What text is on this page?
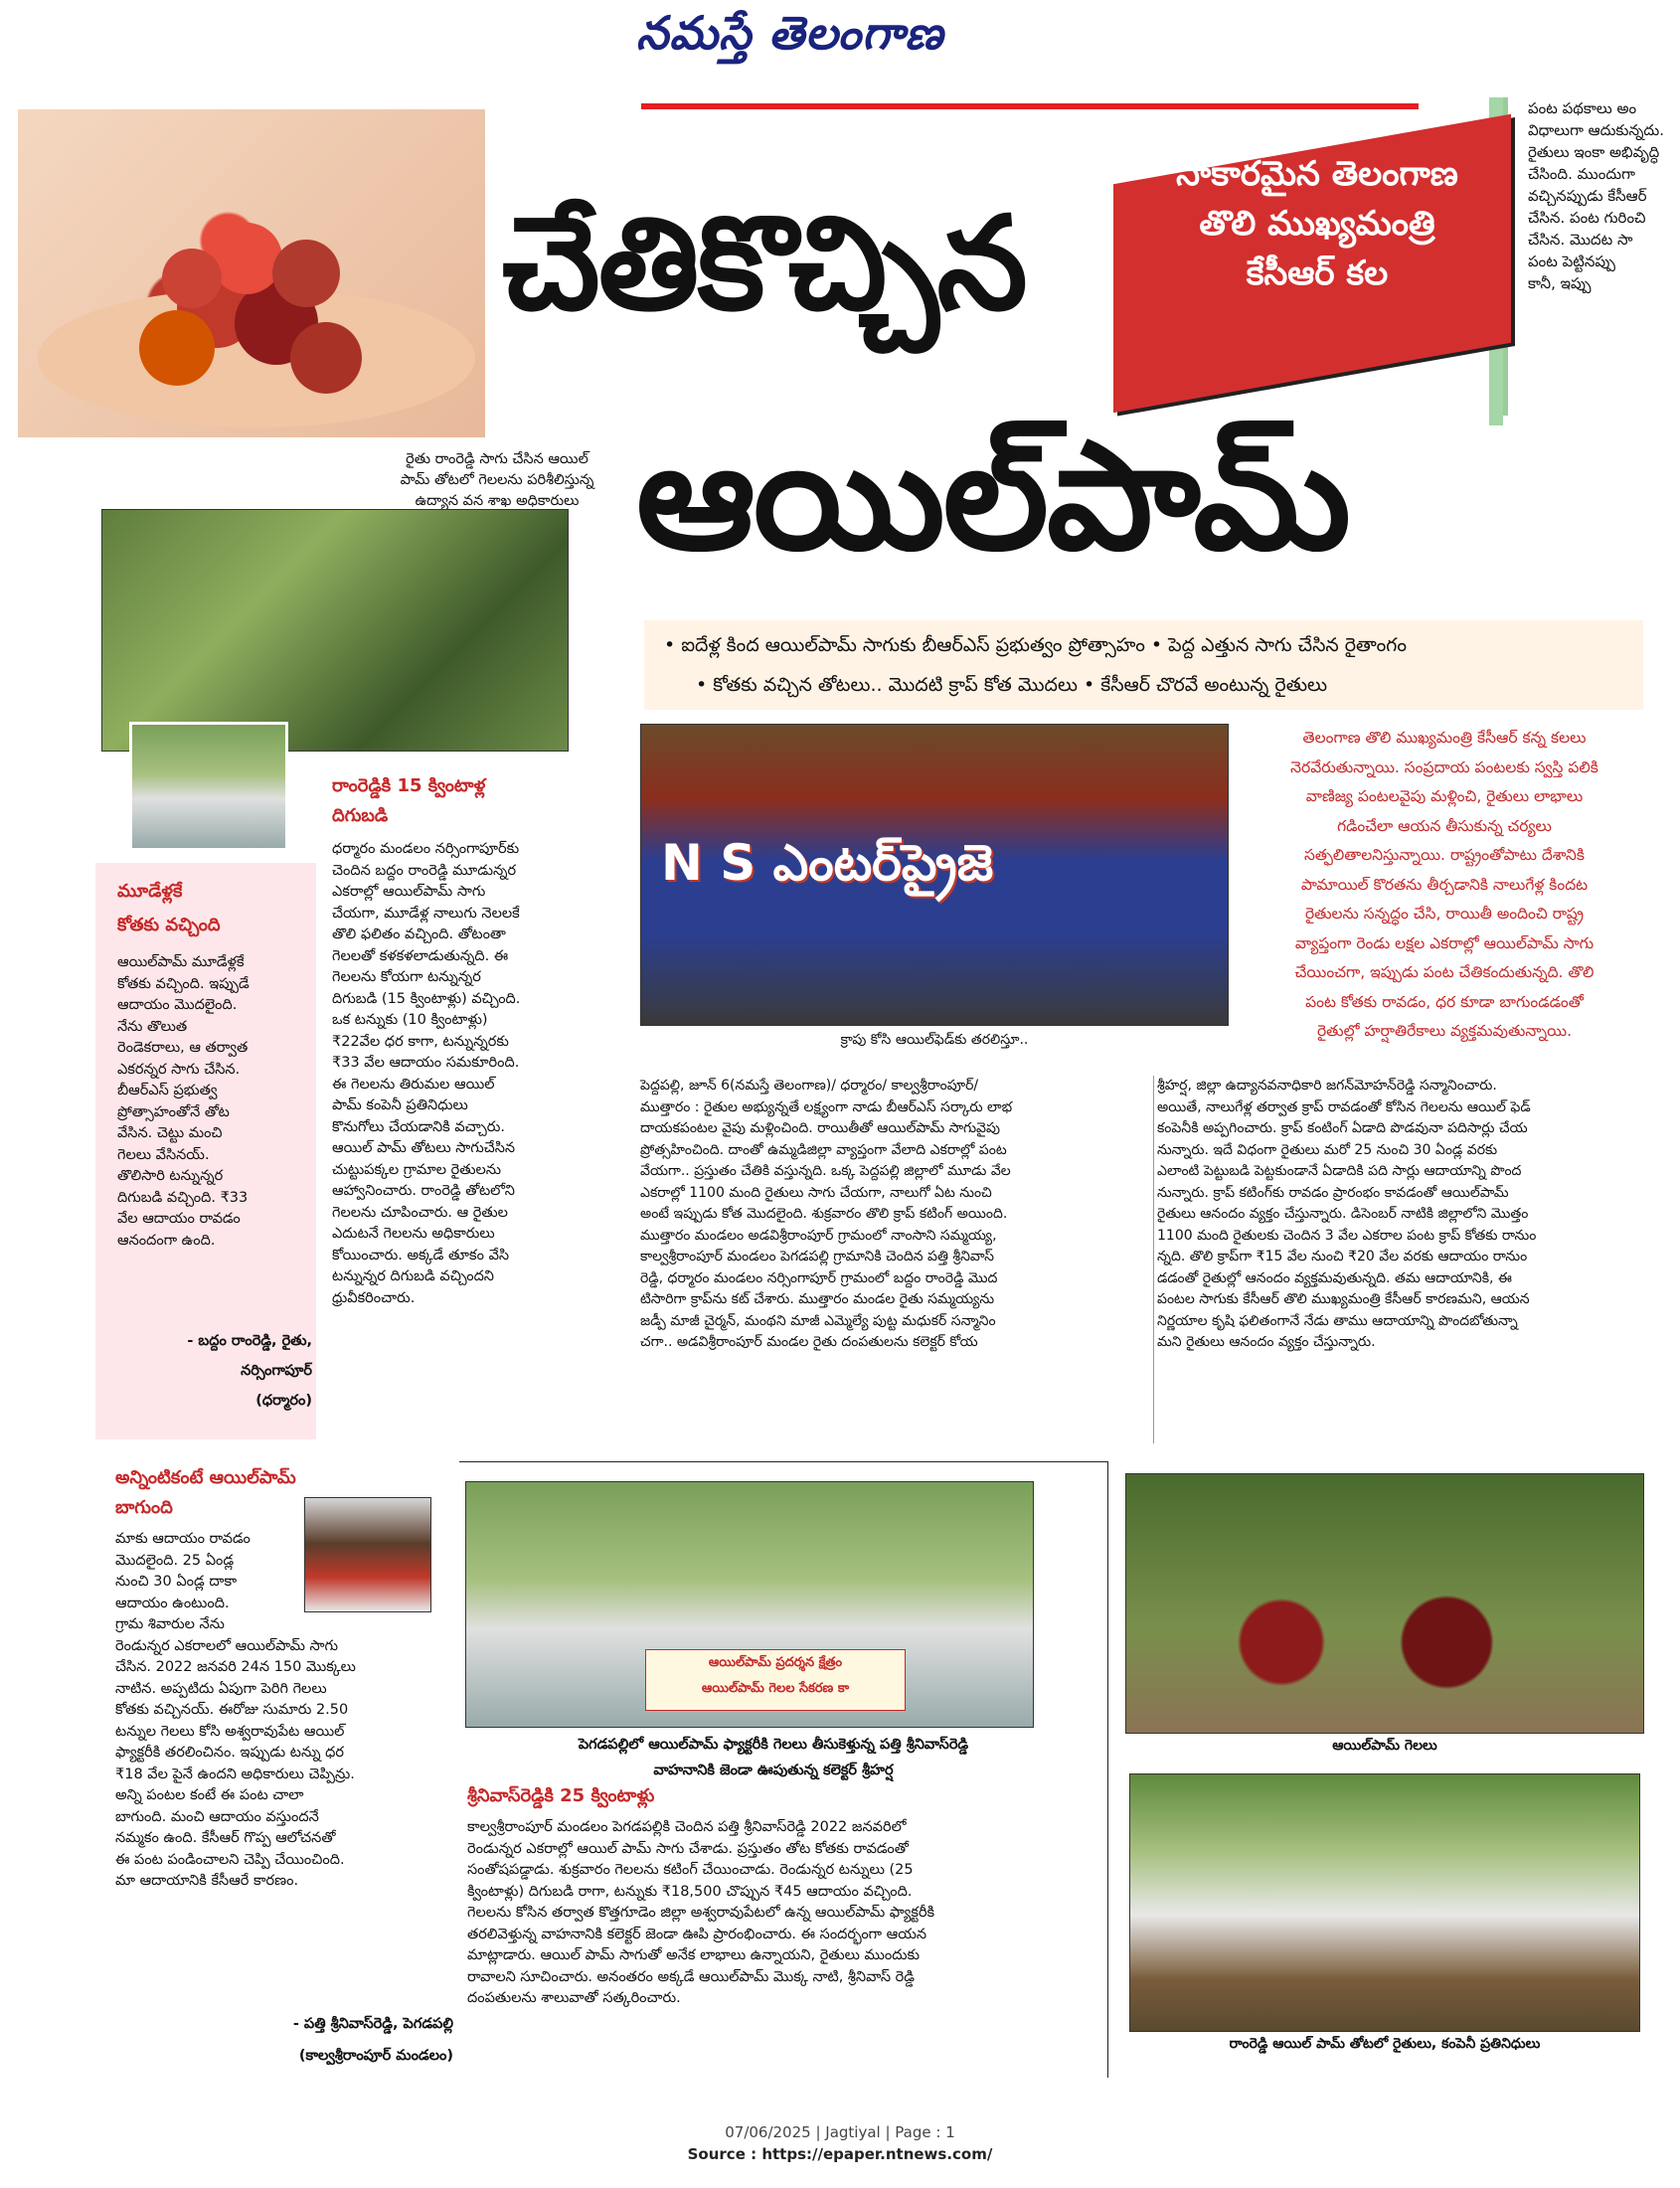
నమస్తే తెలంగాణ
పంట పథకాలు అం
విధాలుగా ఆదుకున్నదు.
రైతులు ఇంకా అభివృద్ధి
చేసింది. ముందుగా
వచ్చినప్పుడు కేసీఆర్
చేసిన. పంట గురించి
చేసిన. మొదట సా
పంట పెట్టినప్పు
కానీ, ఇప్పు
చేతికొచ్చిన
ఆయిల్‌పామ్
సాకారమైన తెలంగాణ
తొలి ముఖ్యమంత్రి
కేసీఆర్ కల
రైతు రాంరెడ్డి సాగు చేసిన ఆయిల్
పామ్ తోటలో గెలలను పరిశీలిస్తున్న
ఉద్యాన వన శాఖ అధికారులు
• ఐదేళ్ల కింద ఆయిల్‌పామ్ సాగుకు బీఆర్‌ఎస్ ప్రభుత్వం ప్రోత్సాహం • పెద్ద ఎత్తున సాగు చేసిన రైతాంగం
• కోతకు వచ్చిన తోటలు.. మొదటి క్రాప్ కోత మొదలు • కేసీఆర్ చొరవే అంటున్న రైతులు
N S ఎంటర్‌ప్రైజె
క్రాపు కోసి ఆయిల్‌ఫెడ్‌కు తరలిస్తూ..
తెలంగాణ తొలి ముఖ్యమంత్రి కేసీఆర్ కన్న కలలు
నెరవేరుతున్నాయి. సంప్రదాయ పంటలకు స్వస్తి పలికి
వాణిజ్య పంటలవైపు మళ్లించి, రైతులు లాభాలు
గడించేలా ఆయన తీసుకున్న చర్యలు
సత్ఫలితాలనిస్తున్నాయి. రాష్ట్రంతోపాటు దేశానికి
పామాయిల్ కొరతను తీర్చడానికి నాలుగేళ్ల కిందట
రైతులను సన్నద్ధం చేసి, రాయితీ అందించి రాష్ట్ర
వ్యాప్తంగా రెండు లక్షల ఎకరాల్లో ఆయిల్‌పామ్ సాగు
చేయించగా, ఇప్పుడు పంట చేతికందుతున్నది. తొలి
పంట కోతకు రావడం, ధర కూడా బాగుండడంతో
రైతుల్లో హర్షాతిరేకాలు వ్యక్తమవుతున్నాయి.
మూడేళ్లకే
కోతకు వచ్చింది
ఆయిల్‌పామ్ మూడేళ్లకే
కోతకు వచ్చింది. ఇప్పుడే
ఆదాయం మొదలైంది.
నేను తొలుత
రెండెకరాలు, ఆ తర్వాత
ఎకరన్నర సాగు చేసిన.
బీఆర్‌ఎస్ ప్రభుత్వ
ప్రోత్సాహంతోనే తోట
వేసిన. చెట్టు మంచి
గెలలు వేసినయ్.
తొలిసారి టన్నున్నర
దిగుబడి వచ్చింది. ₹33
వేల ఆదాయం రావడం
ఆనందంగా ఉంది.
- బద్దం రాంరెడ్డి, రైతు,
నర్సింగాపూర్
(ధర్మారం)
రాంరెడ్డికి 15 క్వింటాళ్ల
దిగుబడి
ధర్మారం మండలం నర్సింగాపూర్‌కు
చెందిన బద్దం రాంరెడ్డి మూడున్నర
ఎకరాల్లో ఆయిల్‌పామ్ సాగు
చేయగా, మూడేళ్ల నాలుగు నెలలకే
తొలి ఫలితం వచ్చింది. తోటంతా
గెలలతో కళకళలాడుతున్నది. ఈ
గెలలను కోయగా టన్నున్నర
దిగుబడి (15 క్వింటాళ్లు) వచ్చింది.
ఒక టన్నుకు (10 క్వింటాళ్లు)
₹22వేల ధర కాగా, టన్నున్నరకు
₹33 వేల ఆదాయం సమకూరింది.
ఈ గెలలను తిరుమల ఆయిల్
పామ్ కంపెనీ ప్రతినిధులు
కొనుగోలు చేయడానికి వచ్చారు.
ఆయిల్ పామ్ తోటలు సాగుచేసిన
చుట్టుపక్కల గ్రామాల రైతులను
ఆహ్వానించారు. రాంరెడ్డి తోటలోని
గెలలను చూపించారు. ఆ రైతుల
ఎదుటనే గెలలను అధికారులు
కోయించారు. అక్కడే తూకం వేసి
టన్నున్నర దిగుబడి వచ్చిందని
ధ్రువీకరించారు.
పెద్దపల్లి, జూన్ 6(నమస్తే తెలంగాణ)/ ధర్మారం/ కాల్వశ్రీరాంపూర్/
ముత్తారం : రైతుల అభ్యున్నతే లక్ష్యంగా నాడు బీఆర్‌ఎస్ సర్కారు లాభ
దాయకపంటల వైపు మళ్లించింది. రాయితీతో ఆయిల్‌పామ్ సాగువైపు
ప్రోత్సహించింది. దాంతో ఉమ్మడిజిల్లా వ్యాప్తంగా వేలాది ఎకరాల్లో పంట
వేయగా.. ప్రస్తుతం చేతికి వస్తున్నది. ఒక్క పెద్దపల్లి జిల్లాలో మూడు వేల
ఎకరాల్లో 1100 మంది రైతులు సాగు చేయగా, నాలుగో ఏట నుంచి
అంటే ఇప్పుడు కోత మొదలైంది. శుక్రవారం తొలి క్రాప్ కటింగ్ అయింది.
ముత్తారం మండలం అడవిశ్రీరాంపూర్ గ్రామంలో నాంసాని సమ్మయ్య,
కాల్వశ్రీరాంపూర్ మండలం పెగడపల్లి గ్రామానికి చెందిన పత్తి శ్రీనివాస్
రెడ్డి, ధర్మారం మండలం నర్సింగాపూర్ గ్రామంలో బద్దం రాంరెడ్డి మొద
టిసారిగా క్రాప్‌ను కట్ చేశారు. ముత్తారం మండల రైతు సమ్మయ్యను
జడ్పీ మాజీ చైర్మన్, మంథని మాజీ ఎమ్మెల్యే పుట్ట మధుకర్ సన్మానిం
చగా.. అడవిశ్రీరాంపూర్ మండల రైతు దంపతులను కలెక్టర్ కోయ
శ్రీహర్ష, జిల్లా ఉద్యానవనాధికారి జగన్‌మోహన్‌రెడ్డి సన్మానించారు.
అయితే, నాలుగేళ్ల తర్వాత క్రాప్ రావడంతో కోసిన గెలలను ఆయిల్ ఫెడ్
కంపెనీకి అప్పగించారు. క్రాప్ కంటింగ్ ఏడాది పొడవునా పదిసార్లు చేయ
నున్నారు. ఇదే విధంగా రైతులు మరో 25 నుంచి 30 ఏండ్ల వరకు
ఎలాంటి పెట్టుబడి పెట్టకుండానే ఏడాదికి పది సార్లు ఆదాయాన్ని పొంద
నున్నారు. క్రాప్ కటింగ్‌కు రావడం ప్రారంభం కావడంతో ఆయిల్‌పామ్
రైతులు ఆనందం వ్యక్తం చేస్తున్నారు. డిసెంబర్ నాటికి జిల్లాలోని మొత్తం
1100 మంది రైతులకు చెందిన 3 వేల ఎకరాల పంట క్రాప్ కోతకు రానుం
న్నది. తొలి క్రాప్‌గా ₹15 వేల నుంచి ₹20 వేల వరకు ఆదాయం రానుం
డడంతో రైతుల్లో ఆనందం వ్యక్తమవుతున్నది. తమ ఆదాయానికి, ఈ
పంటల సాగుకు కేసీఆర్ తొలి ముఖ్యమంత్రి కేసీఆర్ కారణమని, ఆయన
నిర్ణయాల కృషి ఫలితంగానే నేడు తాము ఆదాయాన్ని పొందబోతున్నా
మని రైతులు ఆనందం వ్యక్తం చేస్తున్నారు.
అన్నింటికంటే ఆయిల్‌పామ్
బాగుంది
మాకు ఆదాయం రావడం
మొదలైంది. 25 ఏండ్ల
నుంచి 30 ఏండ్ల దాకా
ఆదాయం ఉంటుంది.
గ్రామ శివారుల నేను
రెండున్నర ఎకరాలలో ఆయిల్‌పామ్ సాగు
చేసిన. 2022 జనవరి 24న 150 మొక్కలు
నాటిన. అప్పటిదు ఏపుగా పెరిగి గెలలు
కోతకు వచ్చినయ్. ఈరోజు సుమారు 2.50
టన్నుల గెలలు కోసి అశ్వరావుపేట ఆయిల్
ఫ్యాక్టరీకి తరలించినం. ఇప్పుడు టన్ను ధర
₹18 వేల పైనే ఉందని అధికారులు చెప్పిన్రు.
అన్ని పంటల కంటే ఈ పంట చాలా
బాగుంది. మంచి ఆదాయం వస్తుందనే
నమ్మకం ఉంది. కేసీఆర్ గొప్ప ఆలోచనతో
ఈ పంట పండించాలని చెప్పి చేయించింది.
మా ఆదాయానికి కేసీఆరే కారణం.
- పత్తి శ్రీనివాస్‌రెడ్డి, పెగడపల్లి
(కాల్వశ్రీరాంపూర్ మండలం)
ఆయిల్‌పామ్ ప్రదర్శన క్షేత్రం
ఆయిల్‌పామ్ గెలల సేకరణ కా
పెగడపల్లిలో ఆయిల్‌పామ్ ఫ్యాక్టరీకి గెలలు తీసుకెళ్తున్న పత్తి శ్రీనివాస్‌రెడ్డి
వాహనానికి జెండా ఊపుతున్న కలెక్టర్ శ్రీహర్ష
శ్రీనివాస్‌రెడ్డికి 25 క్వింటాళ్లు
కాల్వశ్రీరాంపూర్ మండలం పెగడపల్లికి చెందిన పత్తి శ్రీనివాస్‌రెడ్డి 2022 జనవరిలో
రెండున్నర ఎకరాల్లో ఆయిల్ పామ్ సాగు చేశాడు. ప్రస్తుతం తోట కోతకు రావడంతో
సంతోషపడ్డాడు. శుక్రవారం గెలలను కటింగ్ చేయించాడు. రెండున్నర టన్నులు (25
క్వింటాళ్లు) దిగుబడి రాగా, టన్నుకు ₹18,500 చొప్పున ₹45 ఆదాయం వచ్చింది.
గెలలను కోసిన తర్వాత కొత్తగూడెం జిల్లా అశ్వరావుపేటలో ఉన్న ఆయిల్‌పామ్ ఫ్యాక్టరీకి
తరలివెళ్తున్న వాహనానికి కలెక్టర్ జెండా ఊపి ప్రారంభించారు. ఈ సందర్భంగా ఆయన
మాట్లాడారు. ఆయిల్ పామ్ సాగుతో అనేక లాభాలు ఉన్నాయని, రైతులు ముందుకు
రావాలని సూచించారు. అనంతరం అక్కడే ఆయిల్‌పామ్ మొక్క నాటి, శ్రీనివాస్ రెడ్డి
దంపతులను శాలువాతో సత్కరించారు.
ఆయిల్‌పామ్ గెలలు
రాంరెడ్డి ఆయిల్ పామ్ తోటలో రైతులు, కంపెనీ ప్రతినిధులు
07/06/2025 | Jagtiyal | Page : 1
Source : https://epaper.ntnews.com/
